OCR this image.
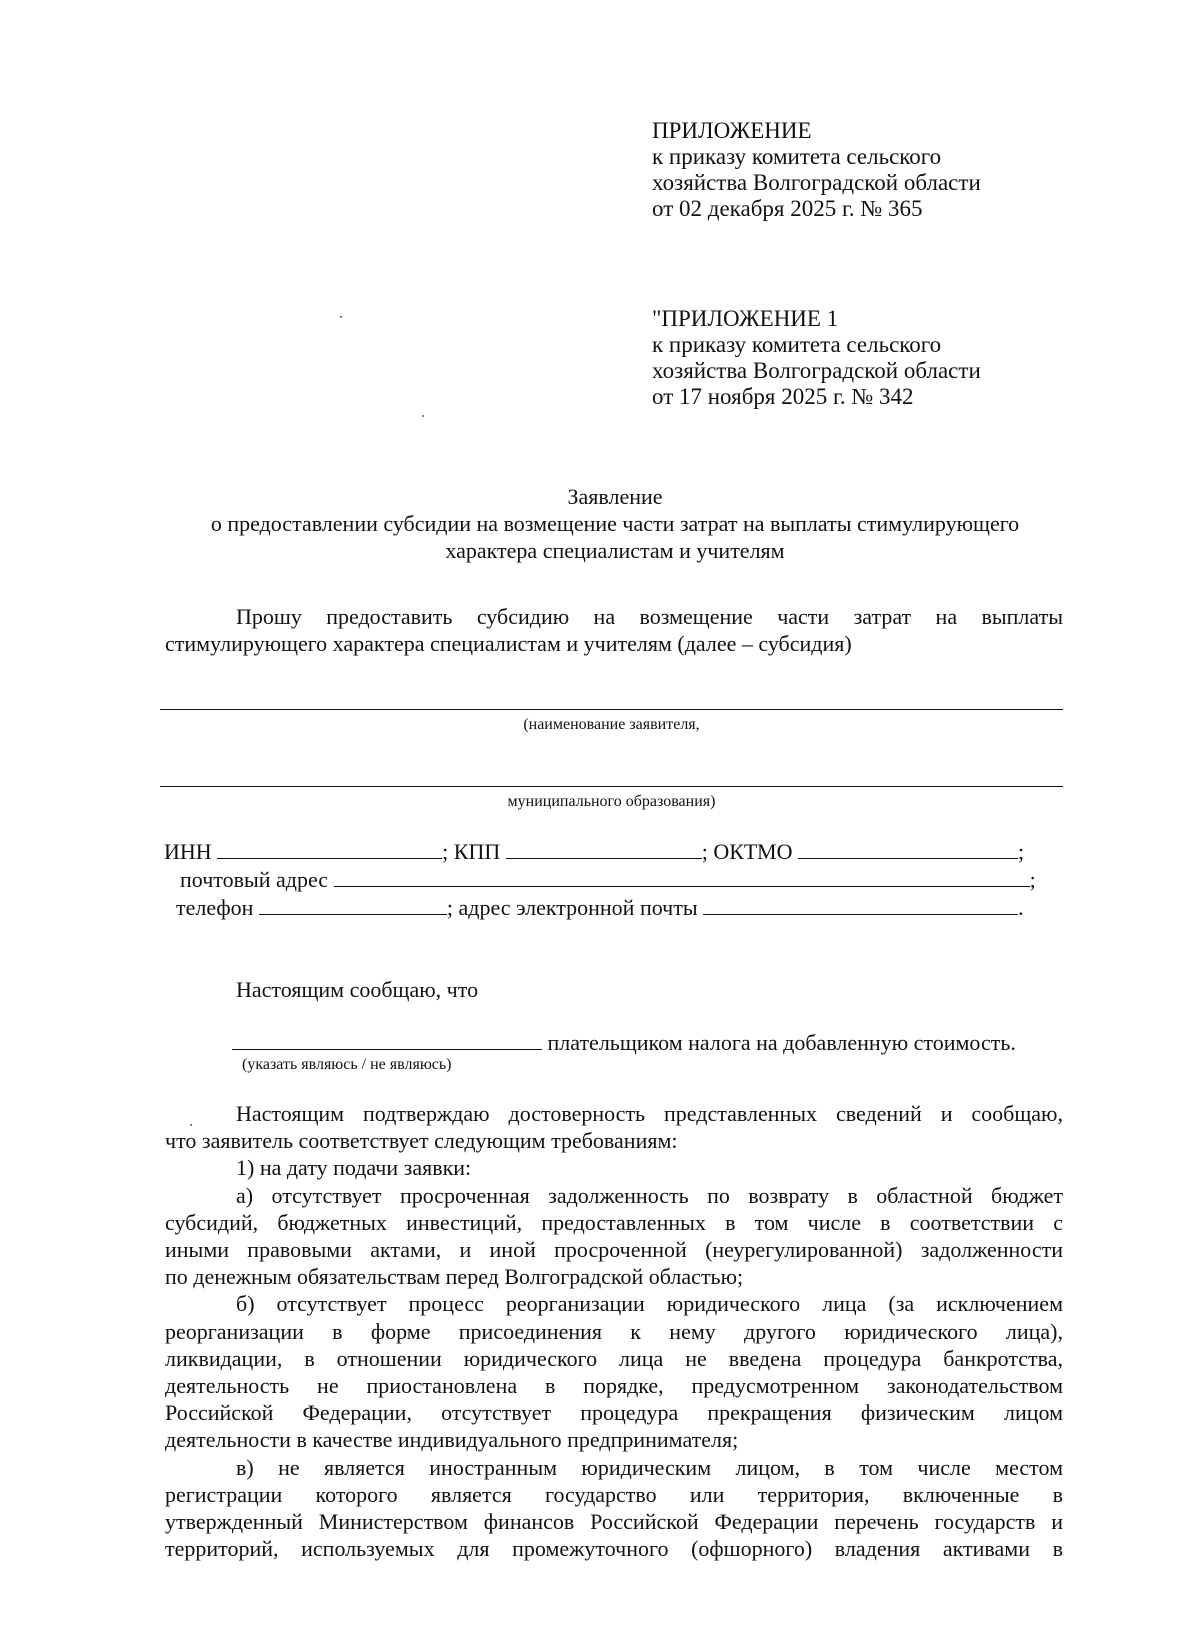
ПРИЛОЖЕНИЕ
к приказу комитета сельского
хозяйства Волгоградской области
от 02 декабря 2025 г. № 365
"ПРИЛОЖЕНИЕ 1
к приказу комитета сельского
хозяйства Волгоградской области
от 17 ноября 2025 г. № 342
Заявление
о предоставлении субсидии на возмещение части затрат на выплаты стимулирующего
характера специалистам и учителям

Прошу предоставить субсидию на возмещение части затрат на выплаты

стимулирующего характера специалистам и учителям (далее – субсидия)

(наименование заявителя,
муниципального образования)
ИНН	; КПП	; ОКТМО	;
почтовый адрес	;
телефон	; адрес электронной почты	.
Настоящим сообщаю, что
плательщиком налога на добавленную стоимость.
(указать являюсь / не являюсь)

Настоящим подтверждаю достоверность представленных сведений и сообщаю,

что заявитель соответствует следующим требованиям:

1) на дату подачи заявки:

а) отсутствует просроченная задолженность по возврату в областной бюджет

субсидий, бюджетных инвестиций, предоставленных в том числе в соответствии с

иными правовыми актами, и иной просроченной (неурегулированной) задолженности

по денежным обязательствам перед Волгоградской областью;

б) отсутствует процесс реорганизации юридического лица (за исключением

реорганизации в форме присоединения к нему другого юридического лица),

ликвидации, в отношении юридического лица не введена процедура банкротства,

деятельность не приостановлена в порядке, предусмотренном законодательством

Российской Федерации, отсутствует процедура прекращения физическим лицом

деятельности в качестве индивидуального предпринимателя;

в) не является иностранным юридическим лицом, в том числе местом

регистрации которого является государство или территория, включенные в

утвержденный Министерством финансов Российской Федерации перечень государств и

территорий, используемых для промежуточного (офшорного) владения активами в
